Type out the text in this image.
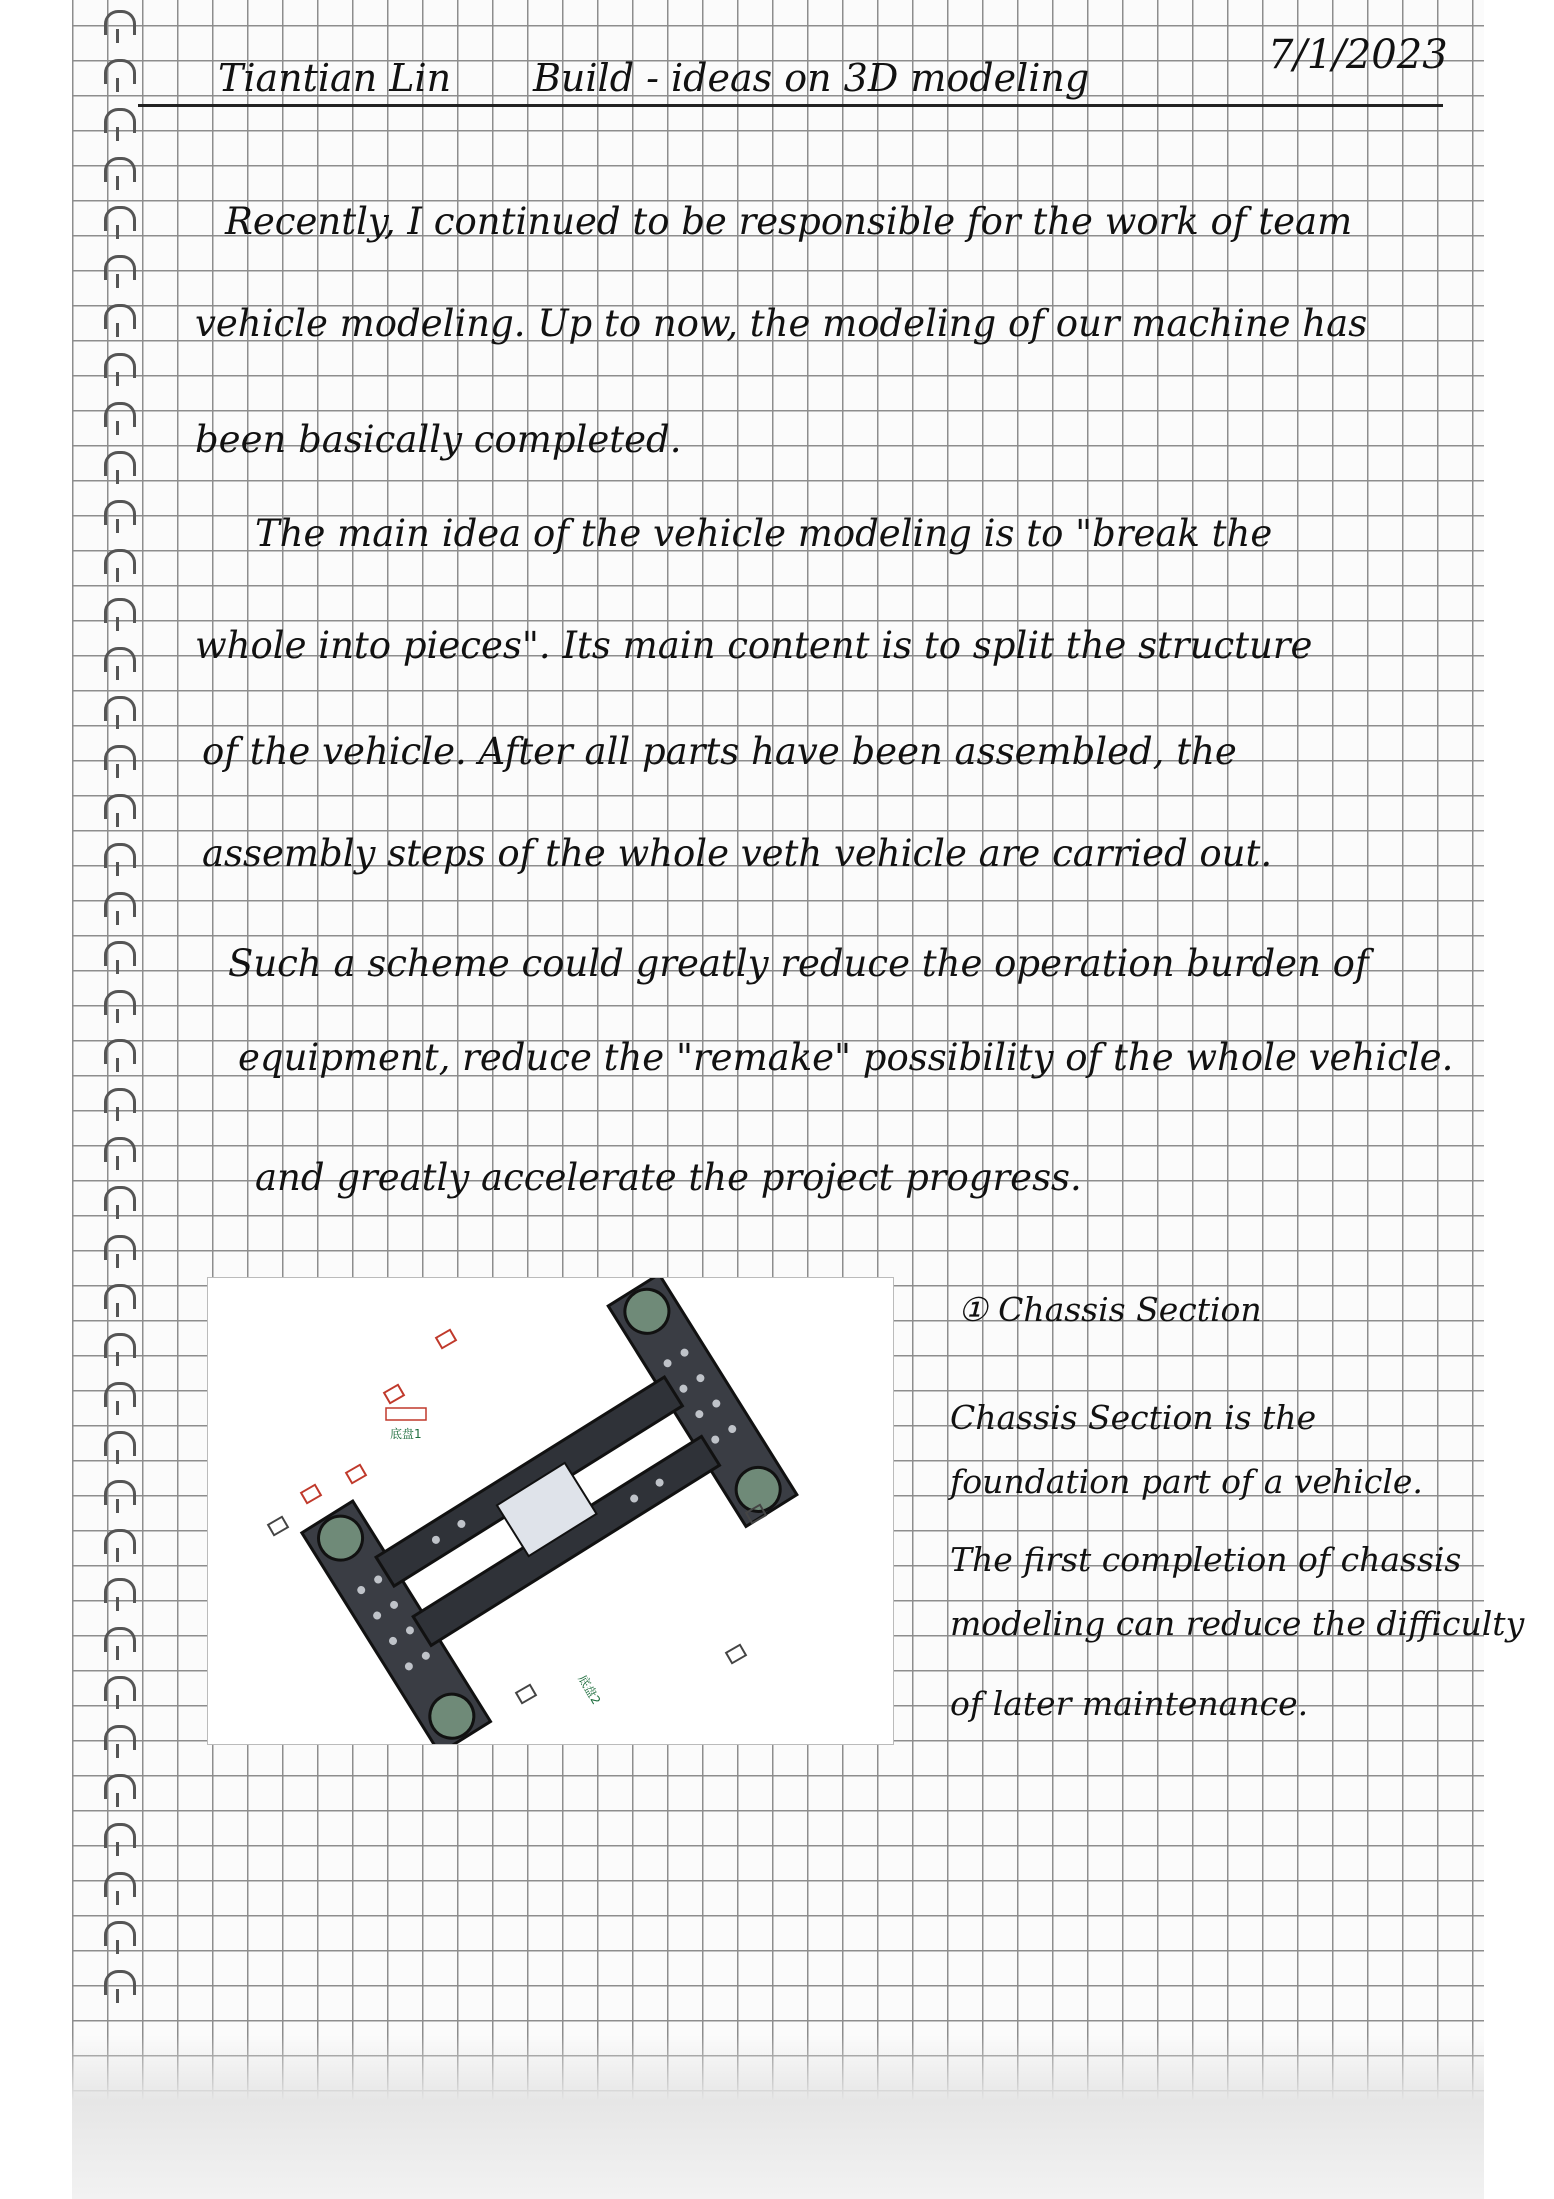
Tiantian Lin Build - ideas on 3D modeling	7/1/2023
Recently, I continued to be responsible for the work of team
vehicle modeling. Up to now, the modeling of our machine has
been basically completed.
The main idea of the vehicle modeling is to "break the
whole into pieces". Its main content is to split the structure
of the vehicle. After all parts have been assembled, the
assembly steps of the whole veth vehicle are carried out.
Such a scheme could greatly reduce the operation burden of
equipment, reduce the "remake" possibility of the whole vehicle.
and greatly accelerate the project progress.
底盘1
底盘2
① Chassis Section
Chassis Section is the
foundation part of a vehicle.
The first completion of chassis
modeling can reduce the difficulty
of later maintenance.
